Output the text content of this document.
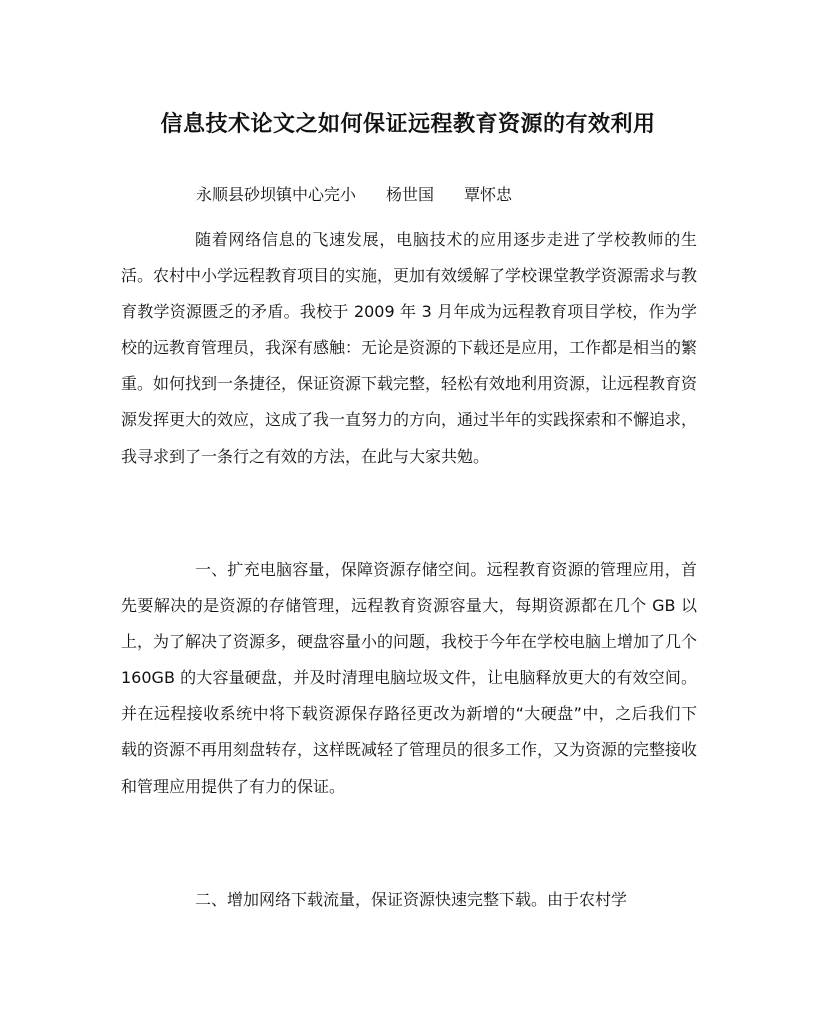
信息技术论文之如何保证远程教育资源的有效利用
永顺县砂坝镇中心完小 杨世国 覃怀忠

随着网络信息的飞速发展，电脑技术的应用逐步走进了学校教师的生活。农村中小学远程教育项目的实施，更加有效缓解了学校课堂教学资源需求与教育教学资源匮乏的矛盾。我校于 2009 年 3 月年成为远程教育项目学校，作为学校的远教育管理员，我深有感触：无论是资源的下载还是应用，工作都是相当的繁重。如何找到一条捷径，保证资源下载完整，轻松有效地利用资源，让远程教育资源发挥更大的效应，这成了我一直努力的方向，通过半年的实践探索和不懈追求，我寻求到了一条行之有效的方法，在此与大家共勉。

一、扩充电脑容量，保障资源存储空间。远程教育资源的管理应用，首先要解决的是资源的存储管理，远程教育资源容量大，每期资源都在几个 GB 以上，为了解决了资源多，硬盘容量小的问题，我校于今年在学校电脑上增加了几个 160GB 的大容量硬盘，并及时清理电脑垃圾文件，让电脑释放更大的有效空间。并在远程接收系统中将下载资源保存路径更改为新增的“大硬盘”中，之后我们下载的资源不再用刻盘转存，这样既减轻了管理员的很多工作，又为资源的完整接收和管理应用提供了有力的保证。

二、增加网络下载流量，保证资源快速完整下载。由于农村学
